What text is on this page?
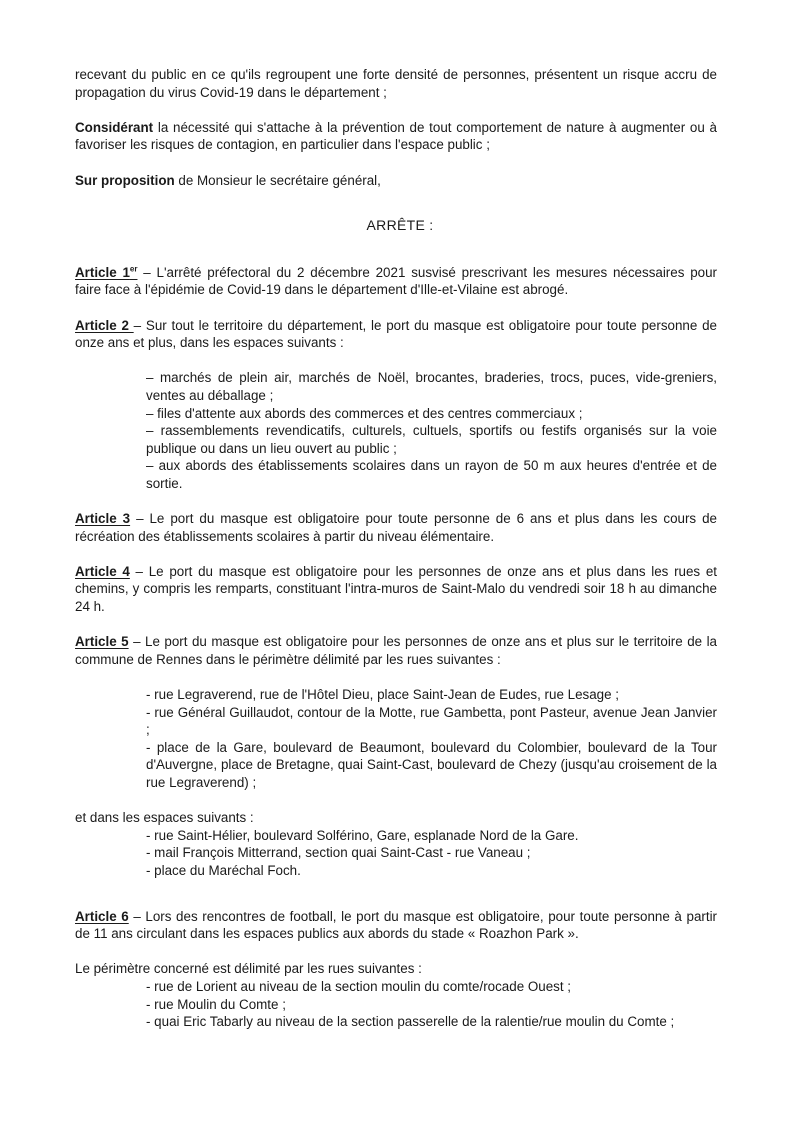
recevant du public en ce qu'ils regroupent une forte densité de personnes, présentent un risque accru de propagation du virus Covid-19 dans le département ;

Considérant la nécessité qui s'attache à la prévention de tout comportement de nature à augmenter ou à favoriser les risques de contagion, en particulier dans l'espace public ;

Sur proposition de Monsieur le secrétaire général,

ARRÊTE :

Article 1er – L'arrêté préfectoral du 2 décembre 2021 susvisé prescrivant les mesures nécessaires pour faire face à l'épidémie de Covid-19 dans le département d'Ille-et-Vilaine est abrogé.

Article 2 – Sur tout le territoire du département, le port du masque est obligatoire pour toute personne de onze ans et plus, dans les espaces suivants :

– marchés de plein air, marchés de Noël, brocantes, braderies, trocs, puces, vide-greniers, ventes au déballage ;

– files d'attente aux abords des commerces et des centres commerciaux ;

– rassemblements revendicatifs, culturels, cultuels, sportifs ou festifs organisés sur la voie publique ou dans un lieu ouvert au public ;

– aux abords des établissements scolaires dans un rayon de 50 m aux heures d'entrée et de sortie.

Article 3 – Le port du masque est obligatoire pour toute personne de 6 ans et plus dans les cours de récréation des établissements scolaires à partir du niveau élémentaire.

Article 4 – Le port du masque est obligatoire pour les personnes de onze ans et plus dans les rues et chemins, y compris les remparts, constituant l'intra-muros de Saint-Malo du vendredi soir 18 h au dimanche 24 h.

Article 5 – Le port du masque est obligatoire pour les personnes de onze ans et plus sur le territoire de la commune de Rennes dans le périmètre délimité par les rues suivantes :

- rue Legraverend, rue de l'Hôtel Dieu, place Saint-Jean de Eudes, rue Lesage ;

- rue Général Guillaudot, contour de la Motte, rue Gambetta, pont Pasteur, avenue Jean Janvier ;

- place de la Gare, boulevard de Beaumont, boulevard du Colombier, boulevard de la Tour d'Auvergne, place de Bretagne, quai Saint-Cast, boulevard de Chezy (jusqu'au croisement de la rue Legraverend) ;

et dans les espaces suivants :

- rue Saint-Hélier, boulevard Solférino, Gare, esplanade Nord de la Gare.

- mail François Mitterrand, section quai Saint-Cast - rue Vaneau ;

- place du Maréchal Foch.

Article 6 – Lors des rencontres de football, le port du masque est obligatoire, pour toute personne à partir de 11 ans circulant dans les espaces publics aux abords du stade « Roazhon Park ».

Le périmètre concerné est délimité par les rues suivantes :

- rue de Lorient au niveau de la section moulin du comte/rocade Ouest ;

- rue Moulin du Comte ;

- quai Eric Tabarly au niveau de la section passerelle de la ralentie/rue moulin du Comte ;
